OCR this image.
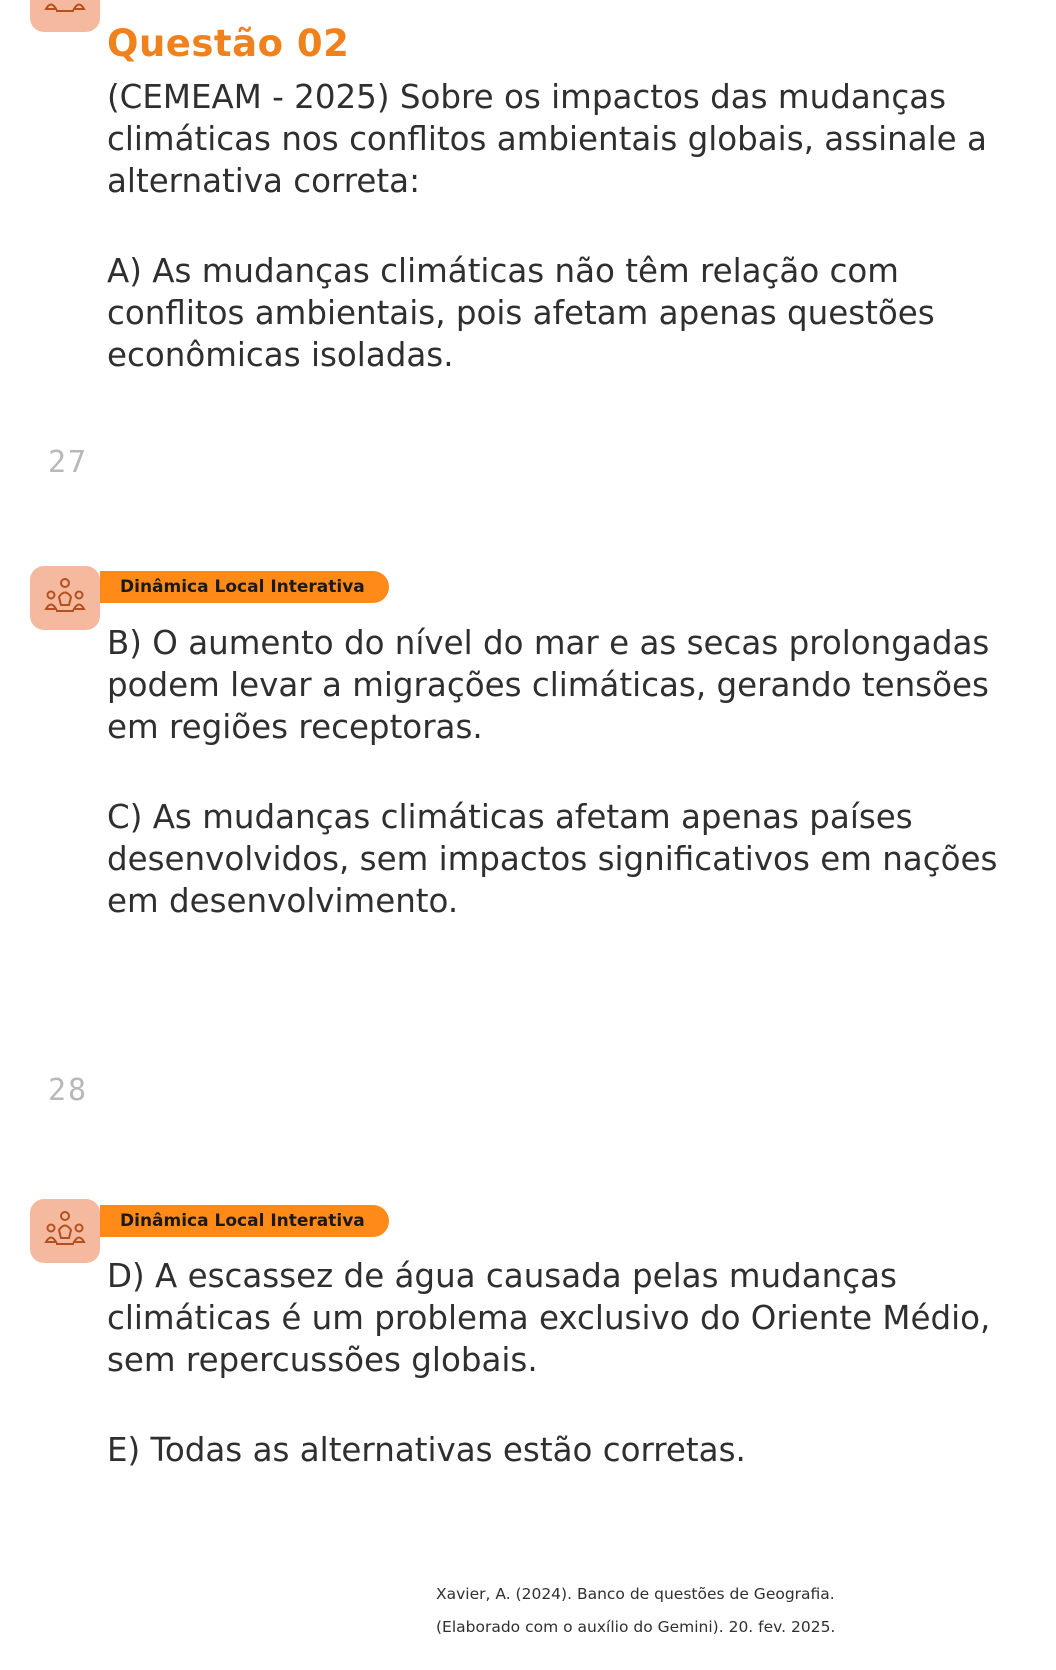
Questão 02

(CEMEAM - 2025) Sobre os impactos das mudanças climáticas nos conflitos ambientais globais, assinale a alternativa correta:

A) As mudanças climáticas não têm relação com conflitos ambientais, pois afetam apenas questões econômicas isoladas.

27
Dinâmica Local Interativa

B) O aumento do nível do mar e as secas prolongadas podem levar a migrações climáticas, gerando tensões em regiões receptoras.

C) As mudanças climáticas afetam apenas países desenvolvidos, sem impactos significativos em nações em desenvolvimento.

28
Dinâmica Local Interativa

D) A escassez de água causada pelas mudanças climáticas é um problema exclusivo do Oriente Médio, sem repercussões globais.

E) Todas as alternativas estão corretas.

Xavier, A. (2024). Banco de questões de Geografia.
(Elaborado com o auxílio do Gemini). 20. fev. 2025.
